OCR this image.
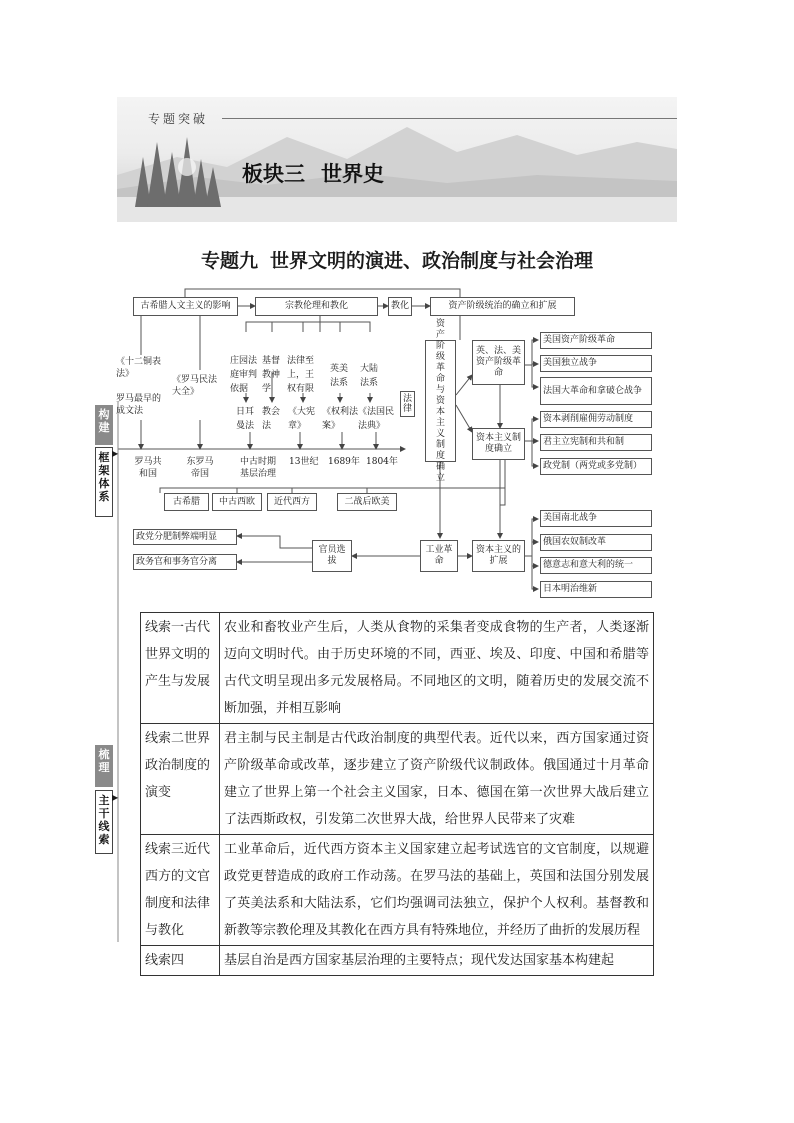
专题突破
板块三 世界史
专题九 世界文明的演进、政治制度与社会治理
古希腊人文主义的影响	宗教伦理和教化	教化	资产阶级统治的确立和扩展
《十二铜表法》
《罗马民法大全》
罗马最早的成文法
庄园法
庭审判
依据
基督
教神
学
法律至
上，王
权有限
英美
法系
大陆
法系
日耳
曼法
教会
法
《大宪
章》
《权利法案》
《法国民法典》
法律
罗马共和国
东罗马帝国
中古时期基层治理
13世纪 1689年 1804年
古希腊	中古西欧	近代西方	二战后欧美
资产阶级革命与资本主义制度确立
英、法、美资产阶级革命
资本主义制度确立
美国资产阶级革命
美国独立战争
法国大革命和拿破仑战争
资本剥削雇佣劳动制度
君主立宪制和共和制
政党制（两党或多党制）
工业革命
资本主义的扩展
美国南北战争
俄国农奴制改革
德意志和意大利的统一
日本明治维新
官员选拔
政党分肥制弊端明显
政务官和事务官分离
构建
框架体系
▶
梳理
主干线索
▶
线索一古代世界文明的产生与发展	农业和畜牧业产生后，人类从食物的采集者变成食物的生产者，人类逐渐迈向文明时代。由于历史环境的不同，西亚、埃及、印度、中国和希腊等古代文明呈现出多元发展格局。不同地区的文明，随着历史的发展交流不断加强，并相互影响
线索二世界政治制度的演变	君主制与民主制是古代政治制度的典型代表。近代以来，西方国家通过资产阶级革命或改革，逐步建立了资产阶级代议制政体。俄国通过十月革命建立了世界上第一个社会主义国家，日本、德国在第一次世界大战后建立了法西斯政权，引发第二次世界大战，给世界人民带来了灾难
线索三近代西方的文官制度和法律与教化	工业革命后，近代西方资本主义国家建立起考试选官的文官制度，以规避政党更替造成的政府工作动荡。在罗马法的基础上，英国和法国分别发展了英美法系和大陆法系，它们均强调司法独立，保护个人权利。基督教和新教等宗教伦理及其教化在西方具有特殊地位，并经历了曲折的发展历程
线索四	基层自治是西方国家基层治理的主要特点；现代发达国家基本构建起
